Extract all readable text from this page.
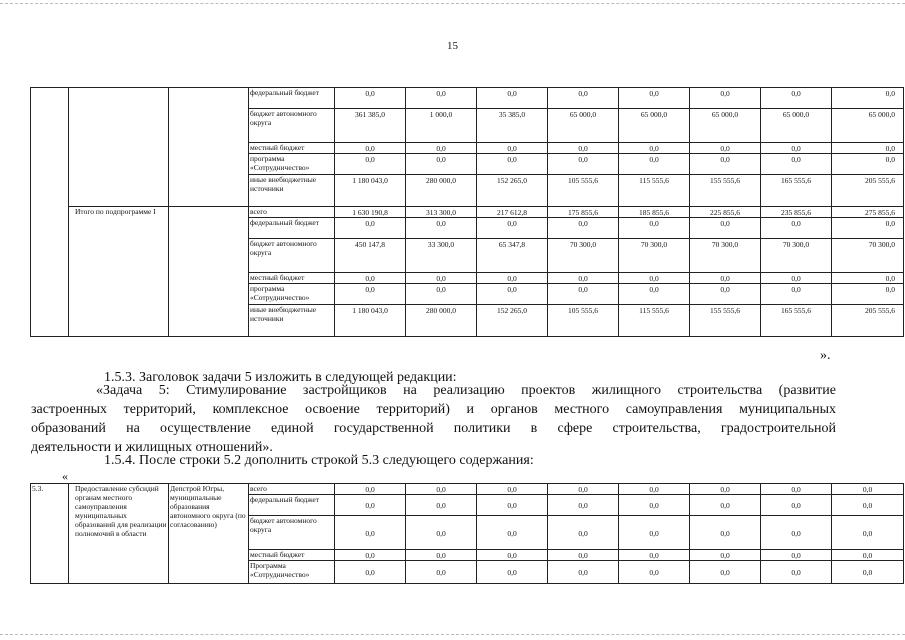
15
			федеральный бюджет	0,0	0,0	0,0	0,0	0,0	0,0	0,0	0,0
			бюджет автономного округа	361 385,0	1 000,0	35 385,0	65 000,0	65 000,0	65 000,0	65 000,0	65 000,0
			местный бюджет	0,0	0,0	0,0	0,0	0,0	0,0	0,0	0,0
			программа «Сотрудничество»	0,0	0,0	0,0	0,0	0,0	0,0	0,0	0,0
			иные внебюджетные источники	1 180 043,0	280 000,0	152 265,0	105 555,6	115 555,6	155 555,6	165 555,6	205 555,6
	Итого по подпрограмме I		всего	1 630 190,8	313 300,0	217 612,8	175 855,6	185 855,6	225 855,6	235 855,6	275 855,6
			федеральный бюджет	0,0	0,0	0,0	0,0	0,0	0,0	0,0	0,0
			бюджет автономного округа	450 147,8	33 300,0	65 347,8	70 300,0	70 300,0	70 300,0	70 300,0	70 300,0
			местный бюджет	0,0	0,0	0,0	0,0	0,0	0,0	0,0	0,0
			программа «Сотрудничество»	0,0	0,0	0,0	0,0	0,0	0,0	0,0	0,0
			иные внебюджетные источники	1 180 043,0	280 000,0	152 265,0	105 555,6	115 555,6	155 555,6	165 555,6	205 555,6
».
1.5.3. Заголовок задачи 5 изложить в следующей редакции:
«Задача 5: Стимулирование застройщиков на реализацию проектов жилищного строительства (развитие
застроенных территорий, комплексное освоение территорий) и органов местного самоуправления муниципальных
образований на осуществление единой государственной политики в сфере строительства, градостроительной
деятельности и жилищных отношений».
1.5.4. После строки 5.2 дополнить строкой 5.3 следующего содержания:
«
5.3.	Предоставление субсидий органам местного самоуправления муниципальных образований для реализации полномочий в области	Депстрой Югры, муниципальные образования автономного округа (по согласованию)	всего	0,0	0,0	0,0	0,0	0,0	0,0	0,0	0,0
			федеральный бюджет	0,0	0,0	0,0	0,0	0,0	0,0	0,0	0,0
			бюджет автономного округа	0,0	0,0	0,0	0,0	0,0	0,0	0,0	0,0
			местный бюджет	0,0	0,0	0,0	0,0	0,0	0,0	0,0	0,0
			Программа «Сотрудничество»	0,0	0,0	0,0	0,0	0,0	0,0	0,0	0,0
